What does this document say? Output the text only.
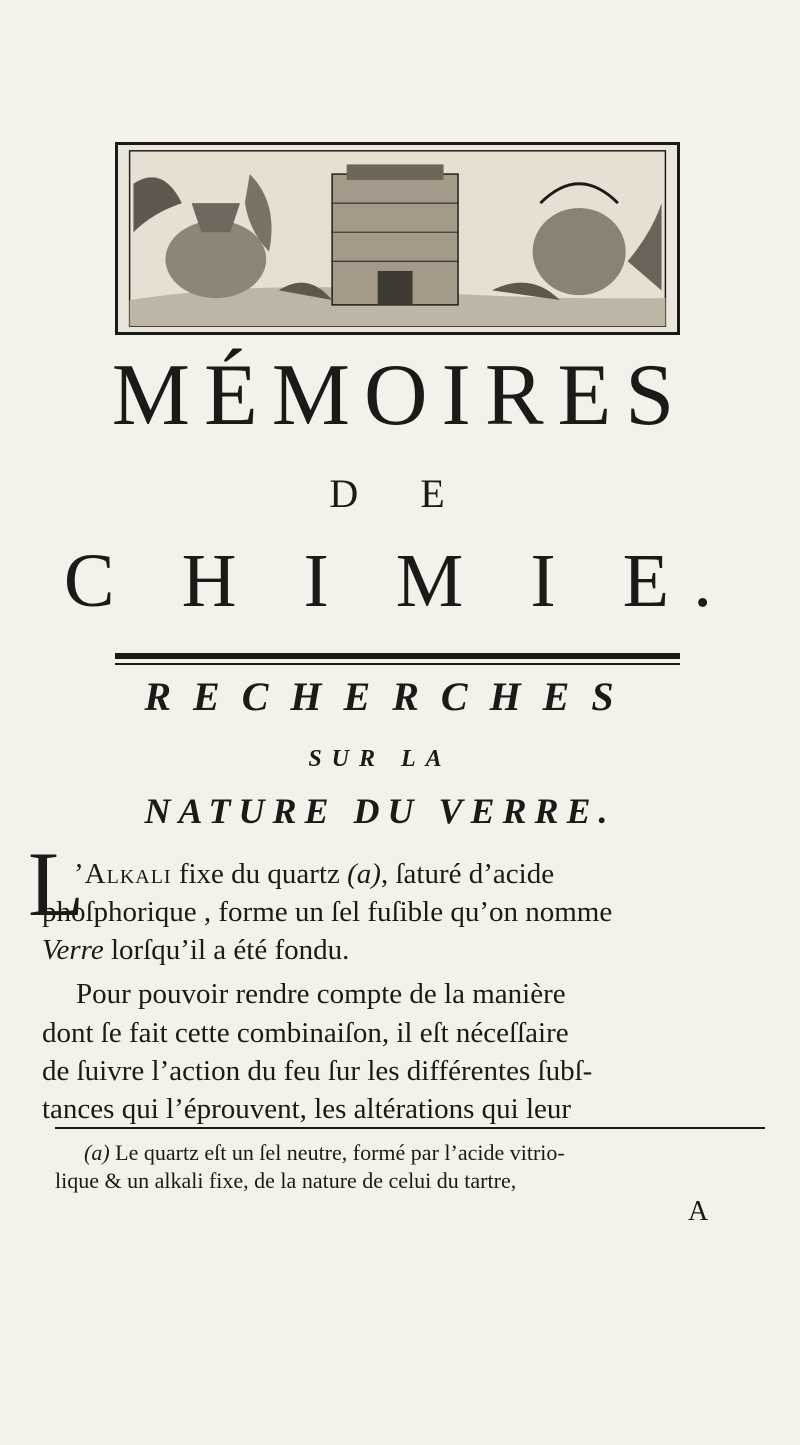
MÉMOIRES
D E
C H I M I E.
RECHERCHES
SUR LA
NATURE DU VERRE.
L
’Alkali fixe du quartz (a), ſaturé d’acide
phoſphorique , forme un ſel fuſible qu’on nomme
Verre lorſqu’il a été fondu.
Pour pouvoir rendre compte de la manière
dont ſe fait cette combinaiſon, il eſt néceſſaire
de ſuivre l’action du feu ſur les différentes ſubſ-
tances qui l’éprouvent, les altérations qui leur
(a) Le quartz eſt un ſel neutre, formé par l’acide vitrio-
lique & un alkali fixe, de la nature de celui du tartre,
A
